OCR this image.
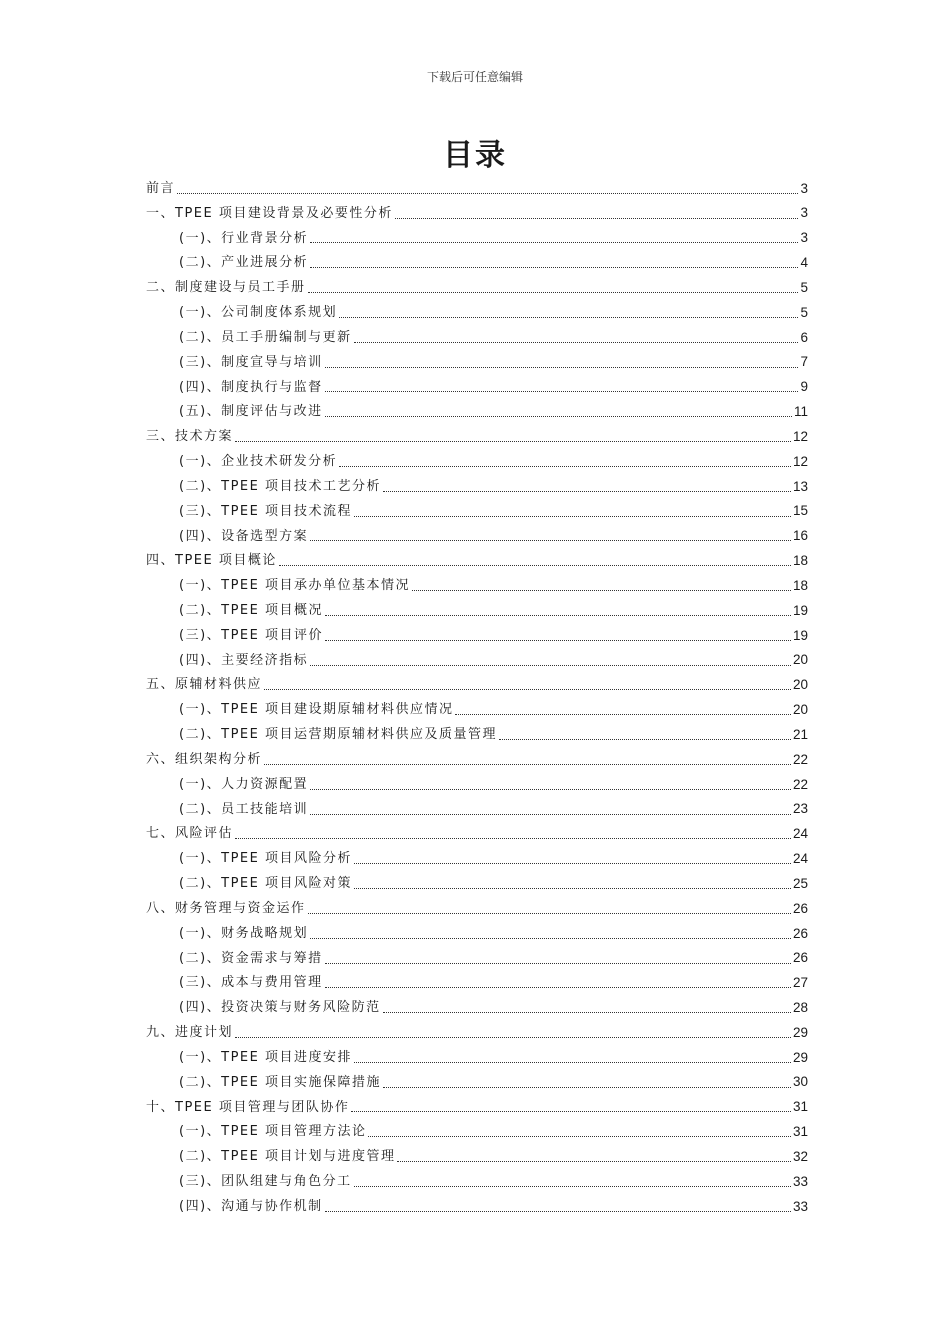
下载后可任意编辑
目录
前言	3
一、TPEE 项目建设背景及必要性分析	3
(一)、行业背景分析	3
(二)、产业进展分析	4
二、制度建设与员工手册	5
(一)、公司制度体系规划	5
(二)、员工手册编制与更新	6
(三)、制度宣导与培训	7
(四)、制度执行与监督	9
(五)、制度评估与改进	11
三、技术方案	12
(一)、企业技术研发分析	12
(二)、TPEE 项目技术工艺分析	13
(三)、TPEE 项目技术流程	15
(四)、设备选型方案	16
四、TPEE 项目概论	18
(一)、TPEE 项目承办单位基本情况	18
(二)、TPEE 项目概况	19
(三)、TPEE 项目评价	19
(四)、主要经济指标	20
五、原辅材料供应	20
(一)、TPEE 项目建设期原辅材料供应情况	20
(二)、TPEE 项目运营期原辅材料供应及质量管理	21
六、组织架构分析	22
(一)、人力资源配置	22
(二)、员工技能培训	23
七、风险评估	24
(一)、TPEE 项目风险分析	24
(二)、TPEE 项目风险对策	25
八、财务管理与资金运作	26
(一)、财务战略规划	26
(二)、资金需求与筹措	26
(三)、成本与费用管理	27
(四)、投资决策与财务风险防范	28
九、进度计划	29
(一)、TPEE 项目进度安排	29
(二)、TPEE 项目实施保障措施	30
十、TPEE 项目管理与团队协作	31
(一)、TPEE 项目管理方法论	31
(二)、TPEE 项目计划与进度管理	32
(三)、团队组建与角色分工	33
(四)、沟通与协作机制	33
